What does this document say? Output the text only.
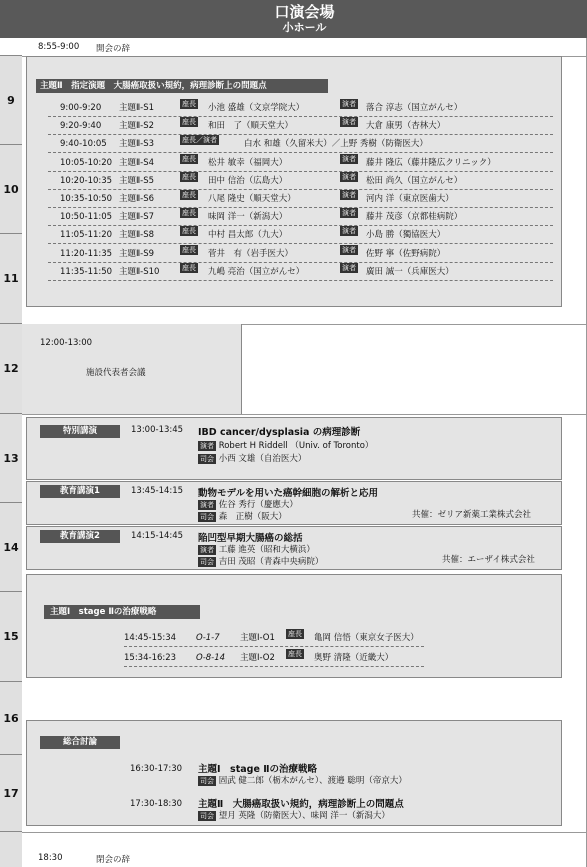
口演会場
小ホール
9
10
11
12
13
14
15
16
17
8:55-9:00 開会の辞
主題Ⅱ　指定演題　大腸癌取扱い規約，病理診断上の問題点
9:00-9:20 主題Ⅱ-S1	座長 小池 盛雄（文京学院大）	演者 落合 淳志（国立がんセ）
9:20-9:40 主題Ⅱ-S2	座長 和田　了（順天堂大）	演者 大倉 康男（杏林大）
9:40-10:05 主題Ⅱ-S3	座長／演者	白水 和雄（久留米大）／上野 秀樹（防衛医大）
10:05-10:20 主題Ⅱ-S4	座長 松井 敏幸（福岡大）	演者 藤井 隆広（藤井隆広クリニック）
10:20-10:35 主題Ⅱ-S5	座長 田中 信治（広島大）	演者 松田 尚久（国立がんセ）
10:35-10:50 主題Ⅱ-S6	座長 八尾 隆史（順天堂大）	演者 河内 洋（東京医歯大）
10:50-11:05 主題Ⅱ-S7	座長 味岡 洋一（新潟大）	演者 藤井 茂彦（京都桂病院）
11:05-11:20 主題Ⅱ-S8	座長 中村 昌太郎（九大）	演者 小島 勝（獨協医大）
11:20-11:35 主題Ⅱ-S9	座長 菅井　有（岩手医大）	演者 佐野 寧（佐野病院）
11:35-11:50 主題Ⅱ-S10	座長 九嶋 亮治（国立がんセ）	演者 廣田 誠一（兵庫医大）
12:00-13:00
施設代表者会議
特別講演	13:00-13:45 IBD cancer/dysplasia の病理診断
演者 Robert H Riddell （Univ. of Toronto）
司会 小西 文雄（自治医大）
教育講演1	13:45-14:15 動物モデルを用いた癌幹細胞の解析と応用
演者 佐谷 秀行（慶應大）
司会 森　正樹（阪大）	共催：ゼリア新薬工業株式会社
教育講演2	14:15-14:45 陥凹型早期大腸癌の総括
演者 工藤 進英（昭和大横浜）
司会 吉田 茂昭（青森中央病院）	共催：エーザイ株式会社
主題Ⅰ　stage Ⅱの治療戦略
14:45-15:34 O-1-7 主題Ⅰ-O1 座長 亀岡 信悟（東京女子医大）
15:34-16:23 O-8-14 主題Ⅰ-O2 座長 奥野 清隆（近畿大）
総合討論
16:30-17:30 主題Ⅰ　stage Ⅱの治療戦略
司会 固武 健二郎（栃木がんセ）、渡邉 聡明（帝京大）
17:30-18:30 主題Ⅱ　大腸癌取扱い規約，病理診断上の問題点
司会 望月 英隆（防衛医大）、味岡 洋一（新潟大）
18:30	閉会の辞
